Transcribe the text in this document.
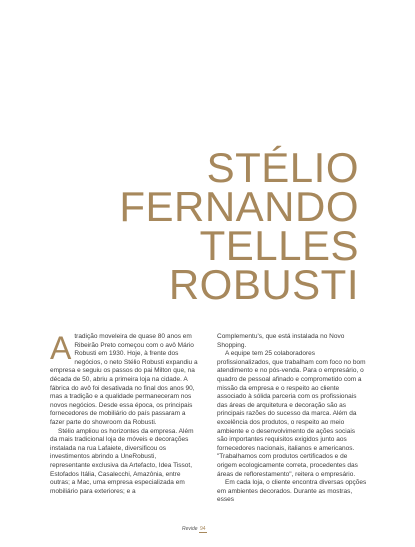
STÉLIO
FERNANDO
TELLES
ROBUSTI

Atradição moveleira de quase 80 anos em Ribeirão Preto começou com o avô Mário Robusti em 1930. Hoje, à frente dos negócios, o neto Stélio Robusti expandiu a empresa e seguiu os passos do pai Milton que, na década de 50, abriu a primeira loja na cidade. A fábrica do avô foi desativada no final dos anos 90, mas a tradição e a qualidade permaneceram nos novos negócios. Desde essa época, os principais fornecedores de mobiliário do país passaram a fazer parte do showroom da Robusti.

Stélio ampliou os horizontes da empresa. Além da mais tradicional loja de móveis e decorações instalada na rua Lafaiete, diversificou os investimentos abrindo a UneRobusti, representante exclusiva da Artefacto, Idea Tissot, Estofados Itália, Casalecchi, Amazônia, entre outras; a Mac, uma empresa especializada em mobiliário para exteriores; e a

Complementu's, que está instalada no Novo Shopping.

A equipe tem 25 colaboradores profissionalizados, que trabalham com foco no bom atendimento e no pós-venda. Para o empresário, o quadro de pessoal afinado e comprometido com a missão da empresa e o respeito ao cliente associado à sólida parceria com os profissionais das áreas de arquitetura e decoração são as principais razões do sucesso da marca. Além da excelência dos produtos, o respeito ao meio ambiente e o desenvolvimento de ações sociais são importantes requisitos exigidos junto aos fornecedores nacionais, italianos e americanos. "Trabalhamos com produtos certificados e de origem ecologicamente correta, procedentes das áreas de reflorestamento", reitera o empresário.

Em cada loja, o cliente encontra diversas opções em ambientes decorados. Durante as mostras, esses

Revide 94
